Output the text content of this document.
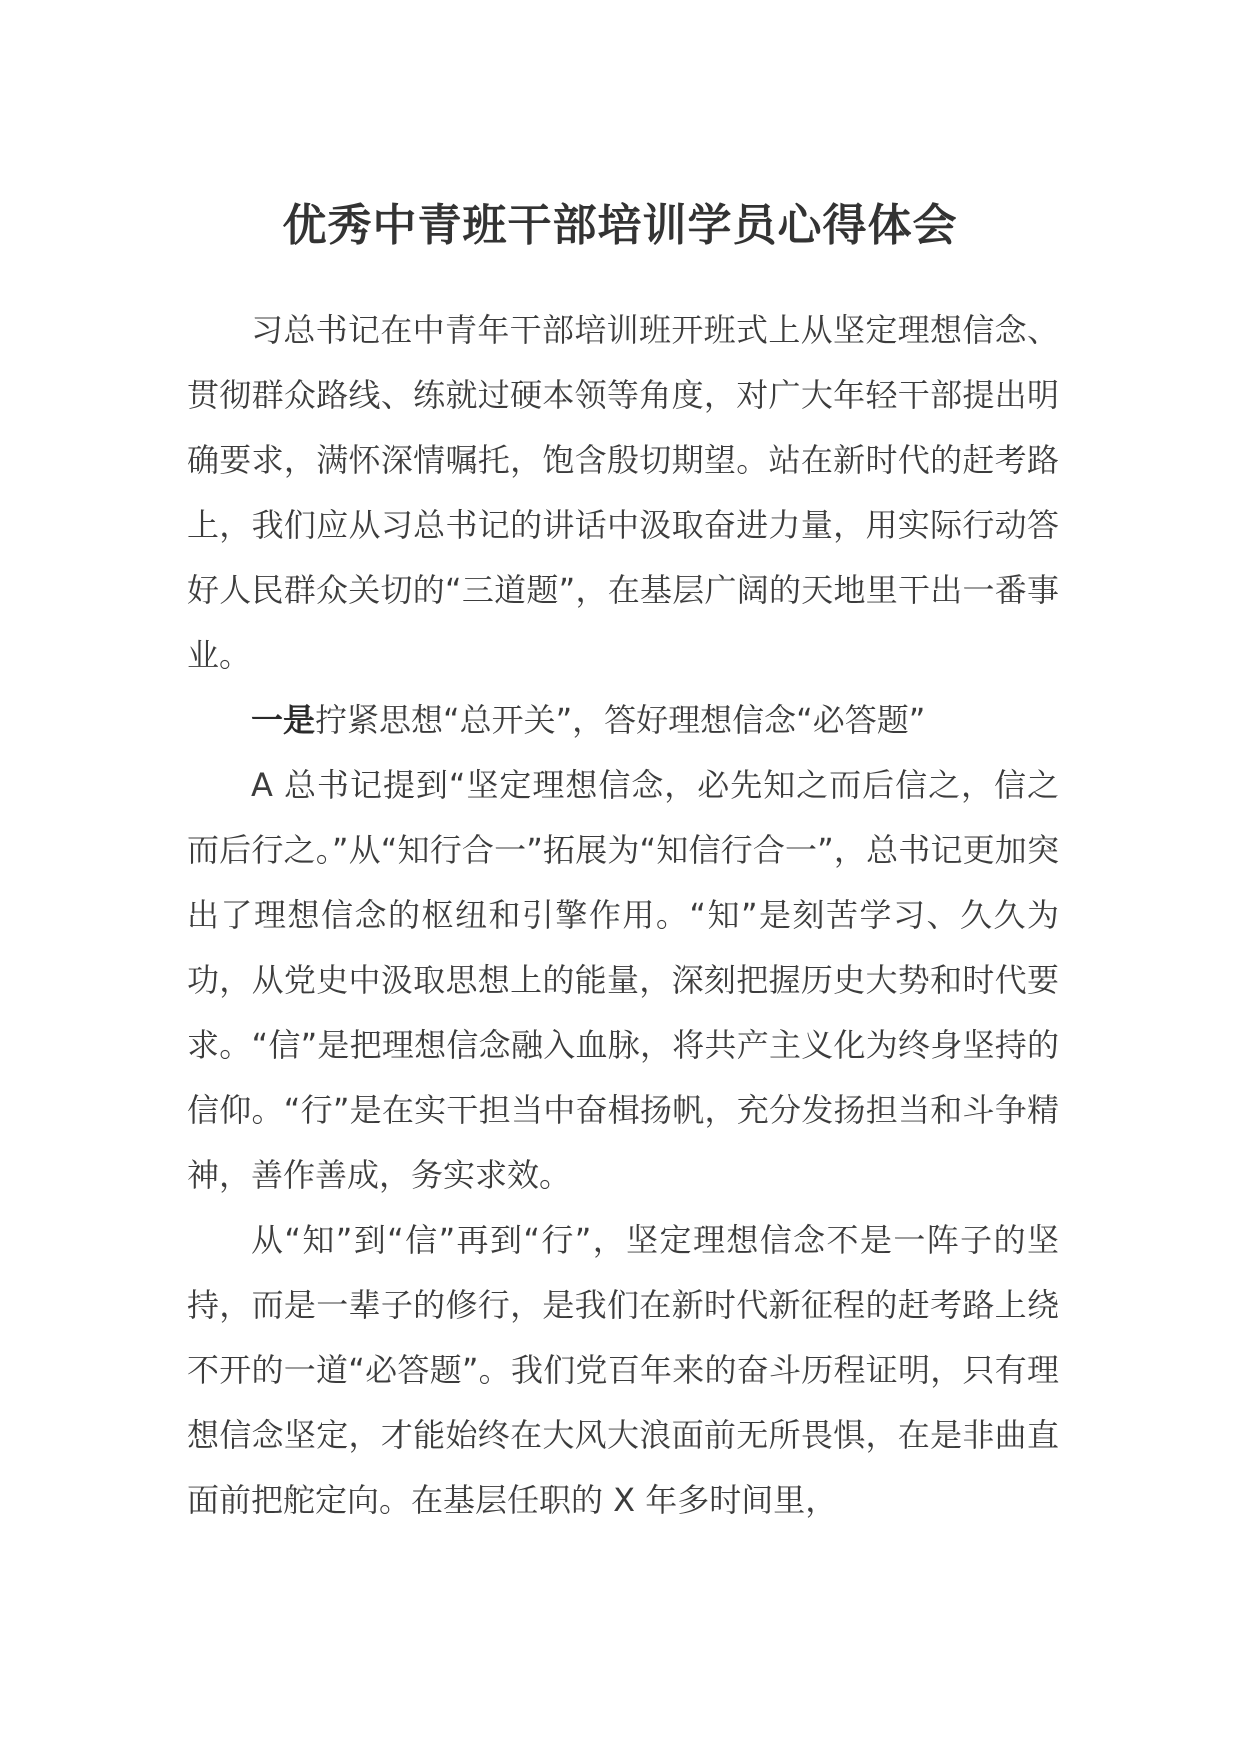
优秀中青班干部培训学员心得体会

习总书记在中青年干部培训班开班式上从坚定理想信念、贯彻群众路线、练就过硬本领等角度，对广大年轻干部提出明确要求，满怀深情嘱托，饱含殷切期望。站在新时代的赶考路上，我们应从习总书记的讲话中汲取奋进力量，用实际行动答好人民群众关切的“三道题”，在基层广阔的天地里干出一番事业。

一是拧紧思想“总开关”，答好理想信念“必答题”

A 总书记提到“坚定理想信念，必先知之而后信之，信之而后行之。”从“知行合一”拓展为“知信行合一”，总书记更加突出了理想信念的枢纽和引擎作用。“知”是刻苦学习、久久为功，从党史中汲取思想上的能量，深刻把握历史大势和时代要求。“信”是把理想信念融入血脉，将共产主义化为终身坚持的信仰。“行”是在实干担当中奋楫扬帆，充分发扬担当和斗争精神，善作善成，务实求效。

从“知”到“信”再到“行”，坚定理想信念不是一阵子的坚持，而是一辈子的修行，是我们在新时代新征程的赶考路上绕不开的一道“必答题”。我们党百年来的奋斗历程证明，只有理想信念坚定，才能始终在大风大浪面前无所畏惧，在是非曲直面前把舵定向。在基层任职的 X 年多时间里，
